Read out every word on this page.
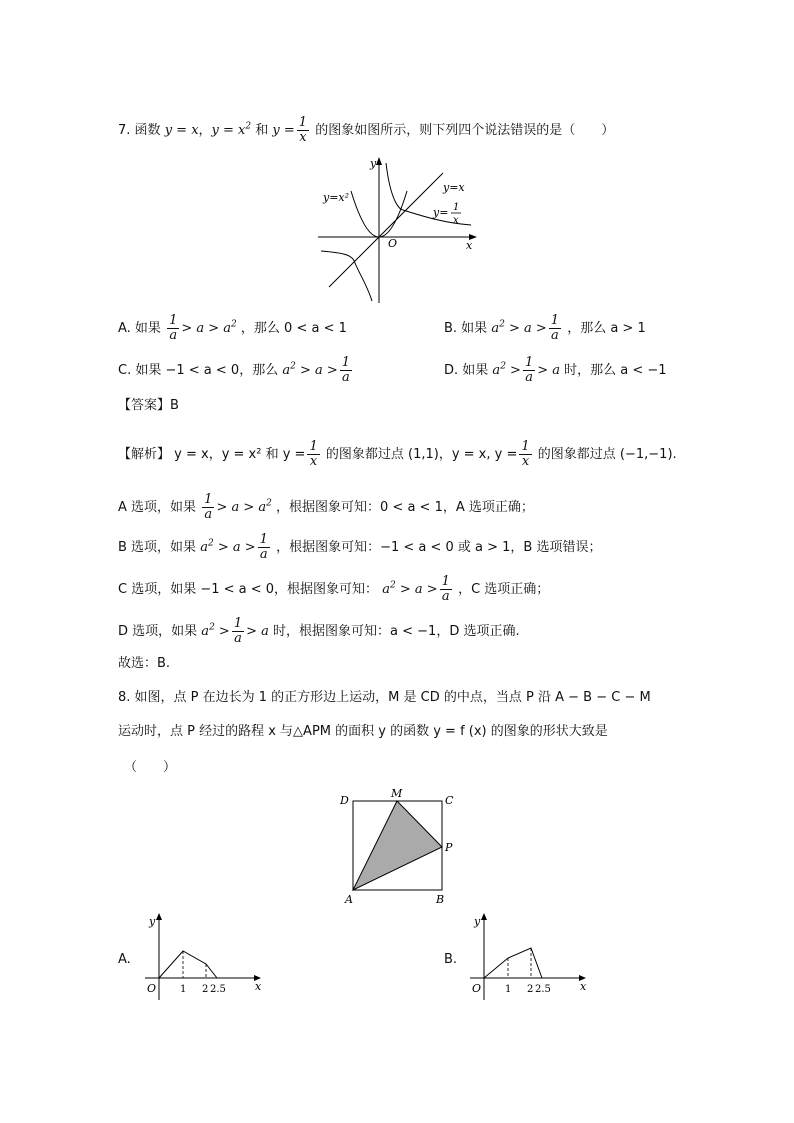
7. 函数 y = x，$y = x^2$ 和 $y = \frac{1}{x}$ 的图象如图所示，则下列四个说法错误的是（　　）
y=x²
y=x
y= 1
x
O	x
y
A. 如果 $\frac{1}{a} > a > a^2$ ，那么 0 < a < 1	B. 如果 $a^2 > a > \frac{1}{a}$ ，那么 a > 1
C. 如果 −1 < a < 0，那么 $a^2 > a > \frac{1}{a}$	D. 如果 $a^2 > \frac{1}{a} > a$ 时，那么 a < −1
【答案】B
【解析】 y = x，y = x² 和 $y = \frac{1}{x}$ 的图象都过点 (1,1)，y = x, $y = \frac{1}{x}$ 的图象都过点 (−1,−1).
A 选项，如果 $\frac{1}{a} > a > a^2$ ，根据图象可知：0 < a < 1，A 选项正确；
B 选项，如果 $a^2 > a > \frac{1}{a}$ ，根据图象可知：−1 < a < 0 或 a > 1，B 选项错误；
C 选项，如果 −1 < a < 0，根据图象可知： $a^2 > a > \frac{1}{a}$ ，C 选项正确；
D 选项，如果 $a^2 > \frac{1}{a} > a$ 时，根据图象可知：a < −1，D 选项正确.
故选：B.
8. 如图，点 P 在边长为 1 的正方形边上运动，M 是 CD 的中点，当点 P 沿 A − B − C − M
运动时，点 P 经过的路程 x 与△APM 的面积 y 的函数 y = f (x) 的图象的形状大致是
（　　）
D
M
C
P
A	B
A.
y
x
O 1 2 2.5
B.
y
x
O 1 2 2.5
